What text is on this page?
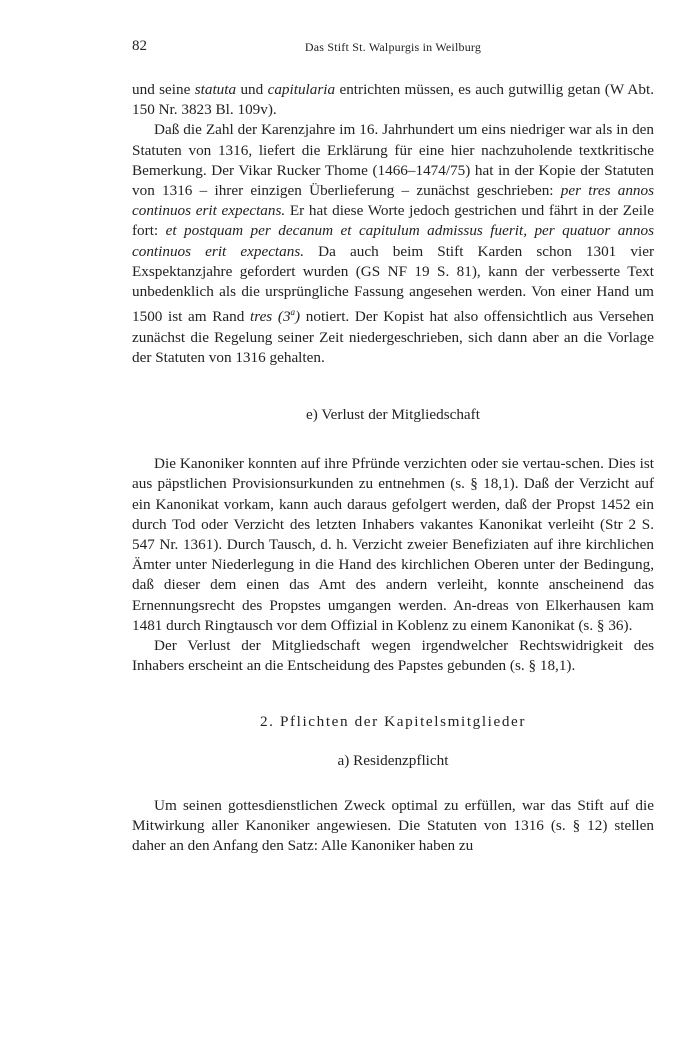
82	Das Stift St. Walpurgis in Weilburg

und seine statuta und capitularia entrichten müssen, es auch gutwillig getan (W Abt. 150 Nr. 3823 Bl. 109v).

Daß die Zahl der Karenzjahre im 16. Jahrhundert um eins niedriger war als in den Statuten von 1316, liefert die Erklärung für eine hier nachzuholende textkritische Bemerkung. Der Vikar Rucker Thome (1466–1474/75) hat in der Kopie der Statuten von 1316 – ihrer einzigen Überlieferung – zunächst geschrieben: per tres annos continuos erit expectans. Er hat diese Worte jedoch gestrichen und fährt in der Zeile fort: et postquam per decanum et capitulum admissus fuerit, per quatuor annos continuos erit expectans. Da auch beim Stift Karden schon 1301 vier Exspektanzjahre gefordert wurden (GS NF 19 S. 81), kann der verbesserte Text unbedenklich als die ursprüngliche Fassung angesehen werden. Von einer Hand um 1500 ist am Rand tres (3$^a$) notiert. Der Kopist hat also offensichtlich aus Versehen zunächst die Regelung seiner Zeit niedergeschrieben, sich dann aber an die Vorlage der Statuten von 1316 gehalten.

e) Verlust der Mitgliedschaft

Die Kanoniker konnten auf ihre Pfründe verzichten oder sie vertau-schen. Dies ist aus päpstlichen Provisionsurkunden zu entnehmen (s. § 18,1). Daß der Verzicht auf ein Kanonikat vorkam, kann auch daraus gefolgert werden, daß der Propst 1452 ein durch Tod oder Verzicht des letzten Inhabers vakantes Kanonikat verleiht (Str 2 S. 547 Nr. 1361). Durch Tausch, d. h. Verzicht zweier Benefiziaten auf ihre kirchlichen Ämter unter Niederlegung in die Hand des kirchlichen Oberen unter der Bedingung, daß dieser dem einen das Amt des andern verleiht, konnte anscheinend das Ernennungsrecht des Propstes umgangen werden. An-dreas von Elkerhausen kam 1481 durch Ringtausch vor dem Offizial in Koblenz zu einem Kanonikat (s. § 36).

Der Verlust der Mitgliedschaft wegen irgendwelcher Rechtswidrigkeit des Inhabers erscheint an die Entscheidung des Papstes gebunden (s. § 18,1).

2. Pflichten der Kapitelsmitglieder
a) Residenzpflicht

Um seinen gottesdienstlichen Zweck optimal zu erfüllen, war das Stift auf die Mitwirkung aller Kanoniker angewiesen. Die Statuten von 1316 (s. § 12) stellen daher an den Anfang den Satz: Alle Kanoniker haben zu
